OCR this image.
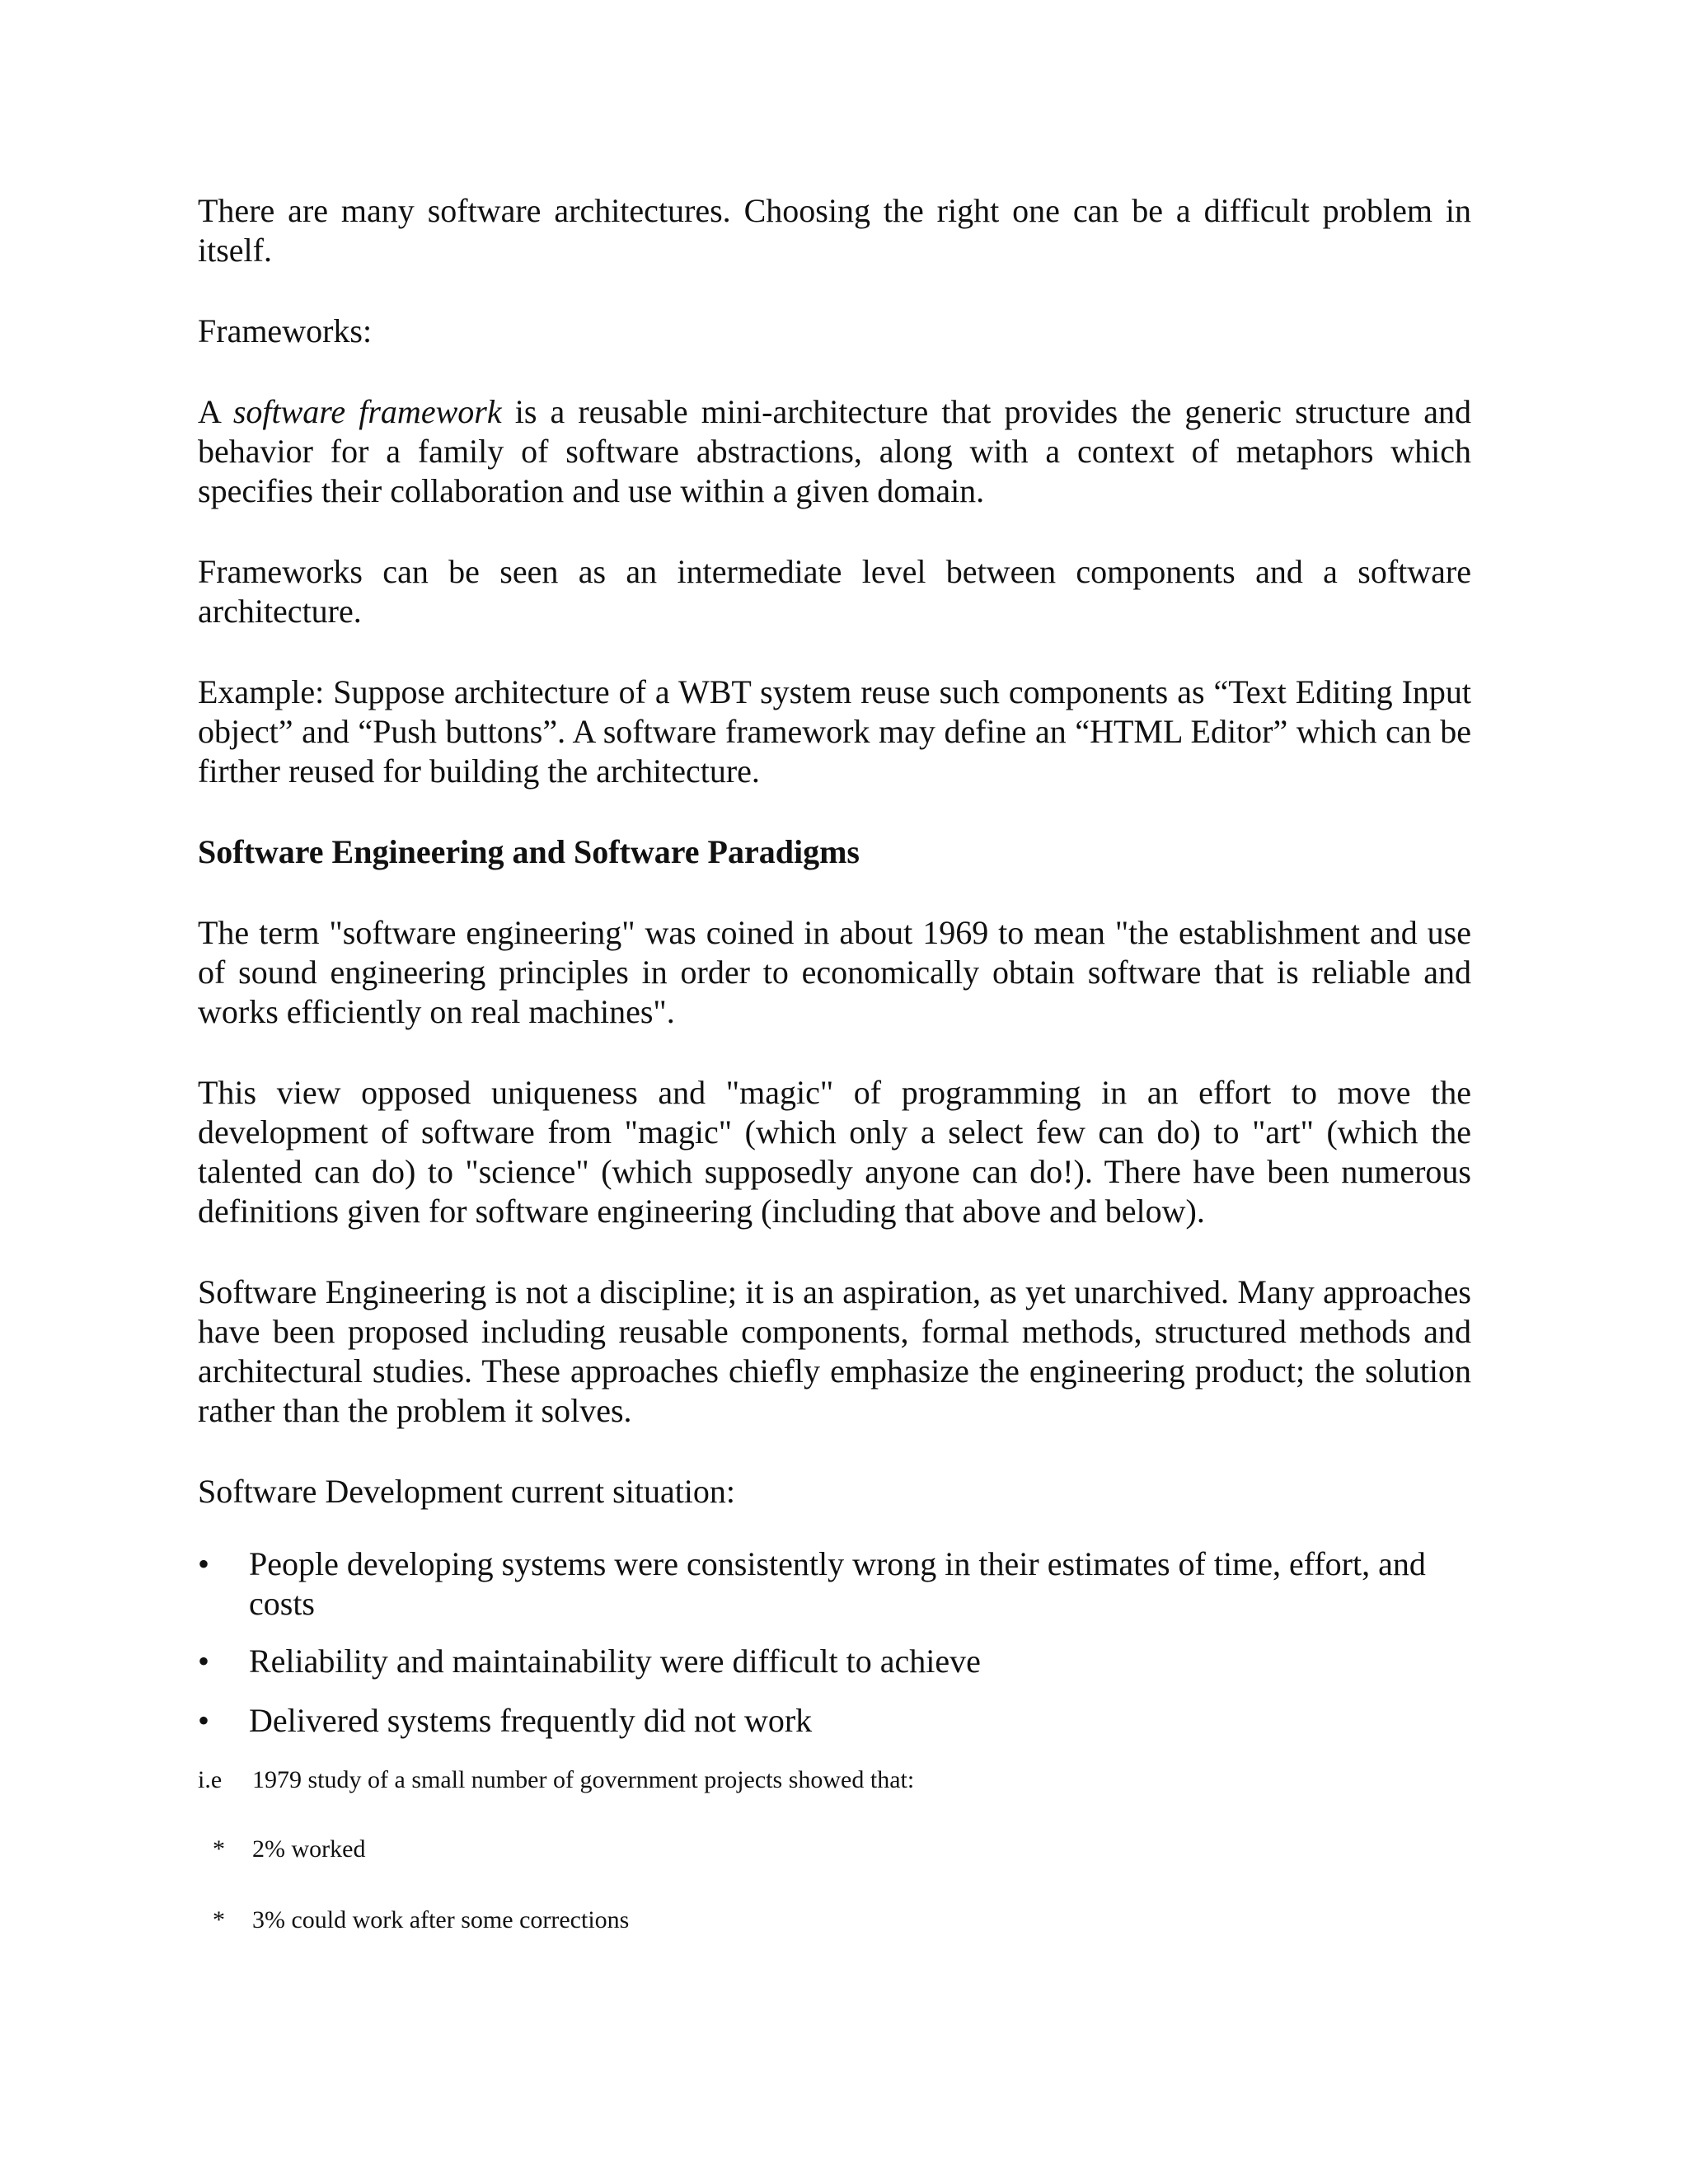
There are many software architectures. Choosing the right one can be a difficult problem in itself.

Frameworks:

A software framework is a reusable mini-architecture that provides the generic structure and behavior for a family of software abstractions, along with a context of metaphors which specifies their collaboration and use within a given domain.

Frameworks can be seen as an intermediate level between components and a software architecture.

Example: Suppose architecture of a WBT system reuse such components as “Text Editing Input object” and “Push buttons”. A software framework may define an “HTML Editor” which can be firther reused for building the architecture.

Software Engineering and Software Paradigms

The term "software engineering" was coined in about 1969 to mean "the establishment and use of sound engineering principles in order to economically obtain software that is reliable and works efficiently on real machines".

This view opposed uniqueness and "magic" of programming in an effort to move the development of software from "magic" (which only a select few can do) to "art" (which the talented can do) to "science" (which supposedly anyone can do!). There have been numerous definitions given for software engineering (including that above and below).

Software Engineering is not a discipline; it is an aspiration, as yet unarchived. Many approaches have been proposed including reusable components, formal methods, structured methods and architectural studies. These approaches chiefly emphasize the engineering product; the solution rather than the problem it solves.

Software Development current situation:

•	People developing systems were consistently wrong in their estimates of time, effort, and costs
•	Reliability and maintainability were difficult to achieve
•	Delivered systems frequently did not work

i.e 1979 study of a small number of government projects showed that:

* 2% worked

* 3% could work after some corrections
